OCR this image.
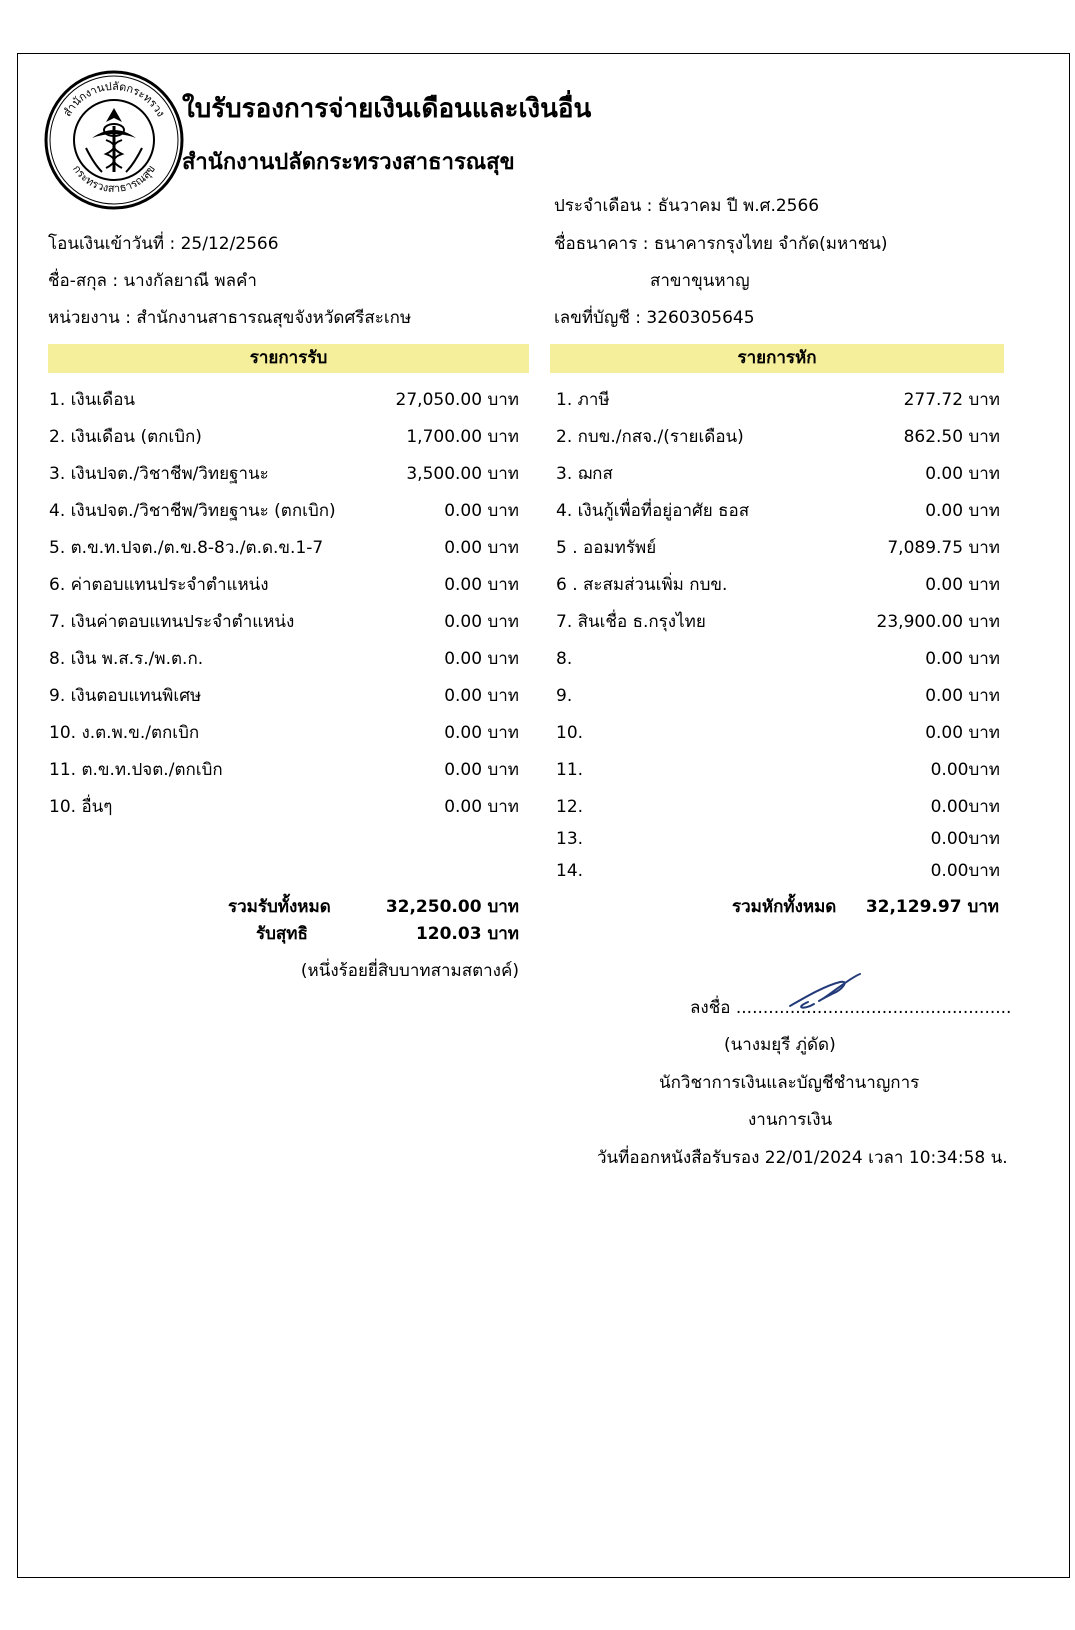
สำนักงานปลัดกระทรวง
กระทรวงสาธารณสุข
ใบรับรองการจ่ายเงินเดือนและเงินอื่น
สำนักงานปลัดกระทรวงสาธารณสุข
ประจำเดือน : ธันวาคม ปี พ.ศ.2566
โอนเงินเข้าวันที่ : 25/12/2566	ชื่อธนาคาร : ธนาคารกรุงไทย จำกัด(มหาชน)
ชื่อ-สกุล : นางกัลยาณี พลคำ	สาขาขุนหาญ
หน่วยงาน : สำนักงานสาธารณสุขจังหวัดศรีสะเกษ	เลขที่บัญชี : 3260305645
รายการรับ	รายการหัก
1. เงินเดือน	27,050.00 บาท
2. เงินเดือน (ตกเบิก)	1,700.00 บาท
3. เงินปจต./วิชาชีพ/วิทยฐานะ	3,500.00 บาท
4. เงินปจต./วิชาชีพ/วิทยฐานะ (ตกเบิก)	0.00 บาท
5. ต.ข.ท.ปจต./ต.ข.8-8ว./ต.ด.ข.1-7	0.00 บาท
6. ค่าตอบแทนประจำตำแหน่ง	0.00 บาท
7. เงินค่าตอบแทนประจำตำแหน่ง	0.00 บาท
8. เงิน พ.ส.ร./พ.ต.ก.	0.00 บาท
9. เงินตอบแทนพิเศษ	0.00 บาท
10. ง.ต.พ.ข./ตกเบิก	0.00 บาท
11. ต.ข.ท.ปจต./ตกเบิก	0.00 บาท
10. อื่นๆ	0.00 บาท
1. ภาษี	277.72 บาท
2. กบข./กสจ./(รายเดือน)	862.50 บาท
3. ฌกส	0.00 บาท
4. เงินกู้เพื่อที่อยู่อาศัย ธอส	0.00 บาท
5 . ออมทรัพย์	7,089.75 บาท
6 . สะสมส่วนเพิ่ม กบข.	0.00 บาท
7. สินเชื่อ ธ.กรุงไทย	23,900.00 บาท
8.	0.00 บาท
9.	0.00 บาท
10.	0.00 บาท
11.	0.00บาท
12.	0.00บาท
13.	0.00บาท
14.	0.00บาท
รวมรับทั้งหมด	32,250.00 บาท
รับสุทธิ	120.03 บาท
(หนึ่งร้อยยี่สิบบาทสามสตางค์)
รวมหักทั้งหมด 32,129.97 บาท
ลงชื่อ ...................................................
(นางมยุรี ภู่ดัด)
นักวิชาการเงินและบัญชีชำนาญการ
งานการเงิน
วันที่ออกหนังสือรับรอง 22/01/2024 เวลา 10:34:58 น.
